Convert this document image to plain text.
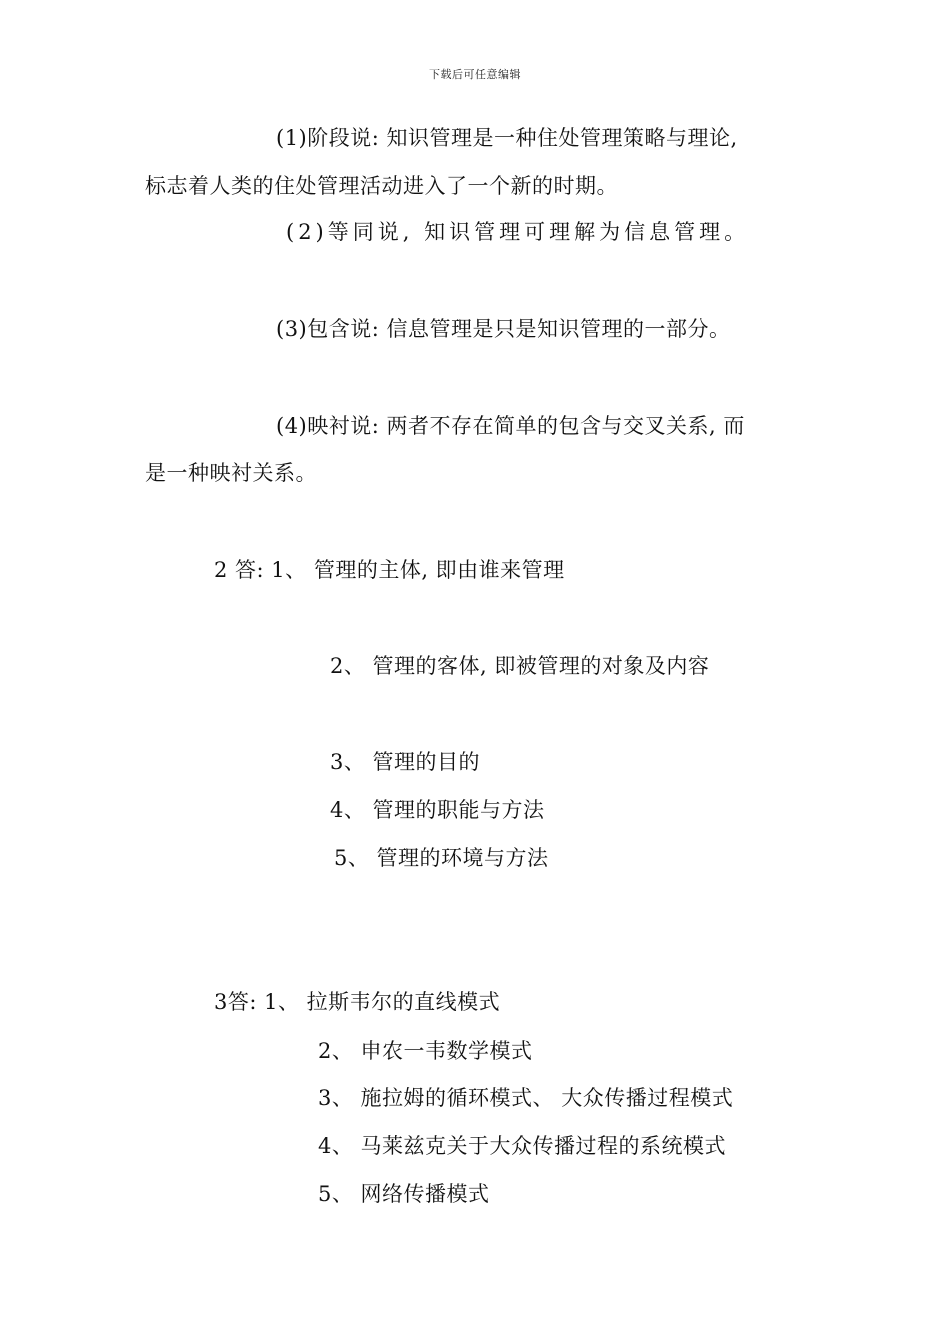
下载后可任意编辑
(1)阶段说: 知识管理是一种住处管理策略与理论,
标志着人类的住处管理活动进入了一个新的时期。
(2)等同说, 知识管理可理解为信息管理。
(3)包含说: 信息管理是只是知识管理的一部分。
(4)映衬说: 两者不存在简单的包含与交叉关系, 而
是一种映衬关系。
2 答: 1、 管理的主体, 即由谁来管理
2、 管理的客体, 即被管理的对象及内容
3、 管理的目的
4、 管理的职能与方法
5、 管理的环境与方法
3答: 1、 拉斯韦尔的直线模式
2、 申农一韦数学模式
3、 施拉姆的循环模式、 大众传播过程模式
4、 马莱兹克关于大众传播过程的系统模式
5、 网络传播模式
